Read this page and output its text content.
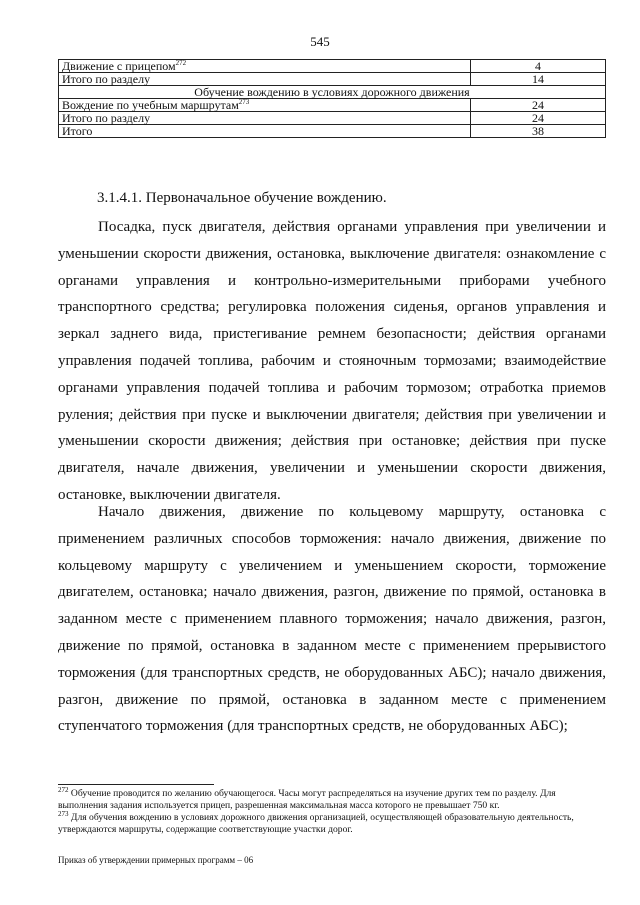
545
Движение с прицепом$^{272}$	4
Итого по разделу	14
Обучение вождению в условиях дорожного движения	
Вождение по учебным маршрутам$^{273}$	24
Итого по разделу	24
Итого	38
3.1.4.1. Первоначальное обучение вождению.

Посадка, пуск двигателя, действия органами управления при увеличении и уменьшении скорости движения, остановка, выключение двигателя: ознакомление с органами управления и контрольно-измерительными приборами учебного транспортного средства; регулировка положения сиденья, органов управления и зеркал заднего вида, пристегивание ремнем безопасности; действия органами управления подачей топлива, рабочим и стояночным тормозами; взаимодействие органами управления подачей топлива и рабочим тормозом; отработка приемов руления; действия при пуске и выключении двигателя; действия при увеличении и уменьшении скорости движения; действия при остановке; действия при пуске двигателя, начале движения, увеличении и уменьшении скорости движения, остановке, выключении двигателя.

Начало движения, движение по кольцевому маршруту, остановка с применением различных способов торможения: начало движения, движение по кольцевому маршруту с увеличением и уменьшением скорости, торможение двигателем, остановка; начало движения, разгон, движение по прямой, остановка в заданном месте с применением плавного торможения; начало движения, разгон, движение по прямой, остановка в заданном месте с применением прерывистого торможения (для транспортных средств, не оборудованных АБС); начало движения, разгон, движение по прямой, остановка в заданном месте с применением ступенчатого торможения (для транспортных средств, не оборудованных АБС);

$^{272}$ Обучение проводится по желанию обучающегося. Часы могут распределяться на изучение других тем по разделу. Для выполнения задания используется прицеп, разрешенная максимальная масса которого не превышает 750 кг.

$^{273}$ Для обучения вождению в условиях дорожного движения организацией, осуществляющей образовательную деятельность, утверждаются маршруты, содержащие соответствующие участки дорог.

Приказ об утверждении примерных программ – 06
